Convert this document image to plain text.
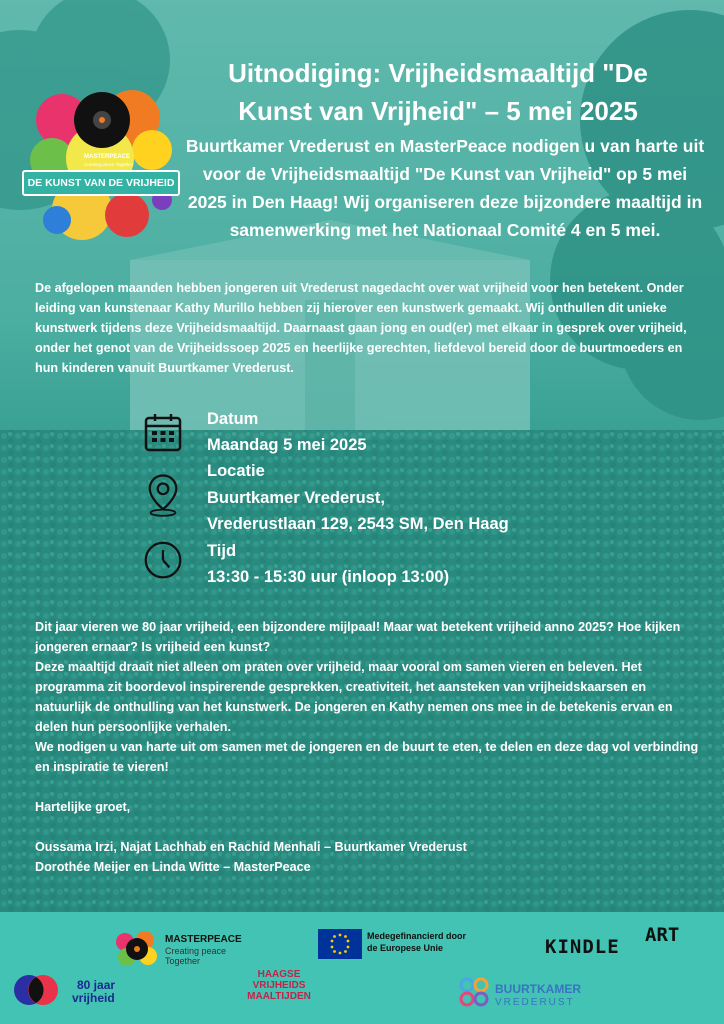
MASTERPEACE
Creating peace Together
DE KUNST VAN DE VRIJHEID
Uitnodiging: Vrijheidsmaaltijd "De Kunst van Vrijheid" – 5 mei 2025

Buurtkamer Vrederust en MasterPeace nodigen u van harte uit voor de Vrijheidsmaaltijd "De Kunst van Vrijheid" op 5 mei 2025 in Den Haag! Wij organiseren deze bijzondere maaltijd in samenwerking met het Nationaal Comité 4 en 5 mei.

De afgelopen maanden hebben jongeren uit Vrederust nagedacht over wat vrijheid voor hen betekent. Onder leiding van kunstenaar Kathy Murillo hebben zij hierover een kunstwerk gemaakt. Wij onthullen dit unieke kunstwerk tijdens deze Vrijheidsmaaltijd. Daarnaast gaan jong en oud(er) met elkaar in gesprek over vrijheid, onder het genot van de Vrijheidssoep 2025 en heerlijke gerechten, liefdevol bereid door de buurtmoeders en hun kinderen vanuit Buurtkamer Vrederust.

Datum
Maandag 5 mei 2025
Locatie
Buurtkamer Vrederust,
Vrederustlaan 129, 2543 SM, Den Haag
Tijd
13:30 - 15:30 uur (inloop 13:00)

Dit jaar vieren we 80 jaar vrijheid, een bijzondere mijlpaal! Maar wat betekent vrijheid anno 2025? Hoe kijken jongeren ernaar? Is vrijheid een kunst?

Deze maaltijd draait niet alleen om praten over vrijheid, maar vooral om samen vieren en beleven. Het programma zit boordevol inspirerende gesprekken, creativiteit, het aansteken van vrijheidskaarsen en natuurlijk de onthulling van het kunstwerk. De jongeren en Kathy nemen ons mee in de betekenis ervan en delen hun persoonlijke verhalen.

We nodigen u van harte uit om samen met de jongeren en de buurt te eten, te delen en deze dag vol verbinding en inspiratie te vieren!

Hartelijke groet,

Oussama Irzi, Najat Lachhab en Rachid Menhali – Buurtkamer Vrederust

Dorothée Meijer en Linda Witte – MasterPeace

MASTERPEACE
Creating peace
Together
Medegefinancierd door
de Europese Unie	KINDLE
ART
80 jaar
vrijheid
HAAGSE VRIJHEIDS MAALTIJDEN
BUURTKAMER
VREDERUST
